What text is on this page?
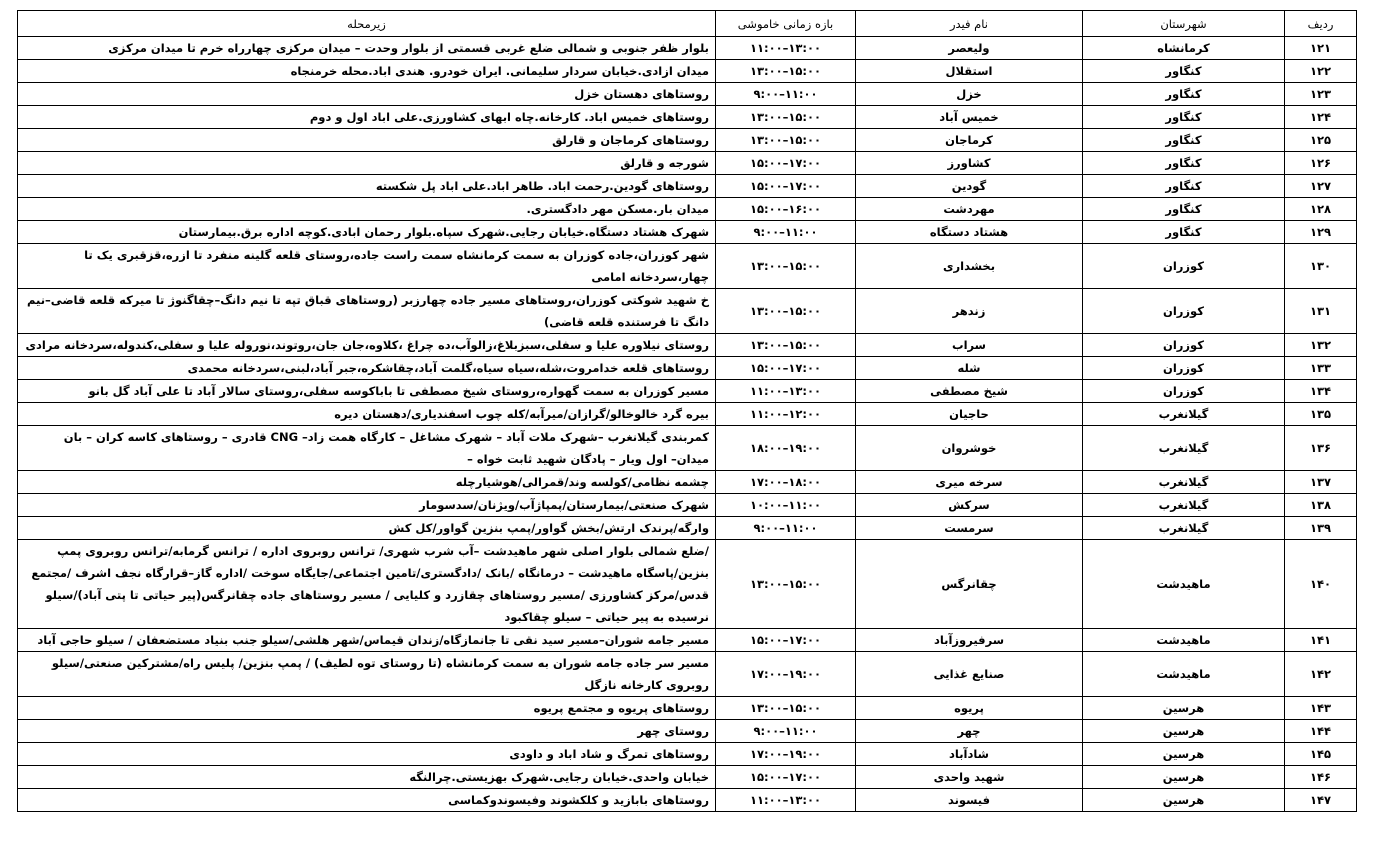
ردیف	شهرستان	نام فیدر	بازه زمانی خاموشی	زیرمحله
۱۲۱	کرمانشاه	ولیعصر	۱۱:۰۰–۱۳:۰۰	بلوار ظفر جنوبی و شمالی ضلع غربی قسمتی از بلوار وحدت – میدان مرکزی چهارراه خرم تا میدان مرکزی
۱۲۲	کنگاور	استقلال	۱۳:۰۰–۱۵:۰۰	میدان ازادی.خیابان سردار سلیمانی. ایران خودرو. هندی اباد.محله خرمنجاه
۱۲۳	کنگاور	خزل	۹:۰۰–۱۱:۰۰	روستاهای دهستان خزل
۱۲۴	کنگاور	خمیس آباد	۱۳:۰۰–۱۵:۰۰	روستاهای خمیس اباد. کارخانه.چاه ابهای کشاورزی.علی اباد اول و دوم
۱۲۵	کنگاور	کرماجان	۱۳:۰۰–۱۵:۰۰	روستاهای کرماجان و قارلق
۱۲۶	کنگاور	کشاورز	۱۵:۰۰–۱۷:۰۰	شورجه و قارلق
۱۲۷	کنگاور	گودین	۱۵:۰۰–۱۷:۰۰	روستاهای گودین.رحمت اباد. طاهر اباد.علی اباد پل شکسته
۱۲۸	کنگاور	مهردشت	۱۵:۰۰–۱۶:۰۰	میدان بار.مسکن مهر دادگستری.
۱۲۹	کنگاور	هشتاد دستگاه	۹:۰۰–۱۱:۰۰	شهرک هشتاد دستگاه.خیابان رجایی.شهرک سپاه.بلوار رحمان ابادی.کوچه اداره برق.بیمارستان
۱۳۰	کوزران	بخشداری	۱۳:۰۰–۱۵:۰۰	شهر کوزران،جاده کوزران به سمت کرمانشاه سمت راست جاده،روستای قلعه گلینه منفرد تا ازره،قزقبری یک تا چهار،سردخانه امامی
۱۳۱	کوزران	زندهر	۱۳:۰۰–۱۵:۰۰	خ شهید شوکتی کوزران،روستاهای مسیر جاده چهارزبر (روستاهای قباق تپه تا نیم دانگ–چقاگنوژ تا میرکه قلعه قاضی–نیم دانگ تا فرستنده قلعه قاضی)
۱۳۲	کوزران	سراب	۱۳:۰۰–۱۵:۰۰	روستای نیلاوره علیا و سفلی،سبزبلاغ،زالوآب،ده چراغ ،کلاوه،جان جان،روتوند،نوروله علیا و سفلی،کندوله،سردخانه مرادی
۱۳۳	کوزران	شله	۱۵:۰۰–۱۷:۰۰	روستاهای قلعه خدامروت،شله،سیاه سیاه،گلمت آباد،چقاشکره،جبر آباد،لبنی،سردخانه محمدی
۱۳۴	کوزران	شیخ مصطفی	۱۱:۰۰–۱۳:۰۰	مسیر کوزران به سمت گهواره،روستای شیخ مصطفی تا باباکوسه سفلی،روستای سالار آباد تا علی آباد گل بانو
۱۳۵	گیلانغرب	حاجیان	۱۱:۰۰–۱۲:۰۰	بیره گرد خالوخالو/گرازان/میرآبه/کله چوب اسفندیاری/دهستان دیره
۱۳۶	گیلانغرب	خوشروان	۱۸:۰۰–۱۹:۰۰	کمربندی گیلانغرب –شهرک ملات آباد – شهرک مشاغل – کارگاه همت زاد– CNG قادری – روستاهای کاسه کران – بان میدان– اول ویار – پادگان شهید ثابت خواه –
۱۳۷	گیلانغرب	سرخه میری	۱۷:۰۰–۱۸:۰۰	چشمه نظامی/کولسه وند/قمرالی/هوشیارچله
۱۳۸	گیلانغرب	سرکش	۱۰:۰۰–۱۱:۰۰	شهرک صنعتی/بیمارستان/پمپاژآب/ویژنان/سدسومار
۱۳۹	گیلانغرب	سرمست	۹:۰۰–۱۱:۰۰	وارگه/پرندک ارتش/بخش گواور/پمپ بنزین گواور/کل کش
۱۴۰	ماهیدشت	چقانرگس	۱۳:۰۰–۱۵:۰۰	/ضلع شمالی بلوار اصلی شهر ماهیدشت –آب شرب شهری/ ترانس روبروی اداره / ترانس گرمابه/ترانس روبروی پمپ بنزین/پاسگاه ماهیدشت – درمانگاه /بانک /دادگستری/تامین اجتماعی/جایگاه سوخت /اداره گاز–قرارگاه نجف اشرف /مجتمع قدس/مرکز کشاورزی /مسیر روستاهای چقازرد و کلیایی / مسیر روستاهای جاده چقانرگس(پیر حیاتی تا پتی آباد)/سیلو نرسیده به پیر حیاتی – سیلو چقاکبود
۱۴۱	ماهیدشت	سرفیروزآباد	۱۵:۰۰–۱۷:۰۰	مسیر جامه شوران–مسیر سید نقی تا جانمازگاه/زندان قیماس/شهر هلشی/سیلو جنب بنیاد مستضعفان / سیلو حاجی آباد
۱۴۲	ماهیدشت	صنایع غذایی	۱۷:۰۰–۱۹:۰۰	مسیر سر جاده جامه شوران به سمت کرمانشاه (تا روستای توه لطیف) / پمپ بنزین/ پلیس راه/مشترکین صنعتی/سیلو روبروی کارخانه نازگل
۱۴۳	هرسین	پریوه	۱۳:۰۰–۱۵:۰۰	روستاهای پریوه و مجتمع پریوه
۱۴۴	هرسین	چهر	۹:۰۰–۱۱:۰۰	روستای چهر
۱۴۵	هرسین	شادآباد	۱۷:۰۰–۱۹:۰۰	روستاهای تمرگ و شاد اباد و داودی
۱۴۶	هرسین	شهید واحدی	۱۵:۰۰–۱۷:۰۰	خیابان واحدی.خیابان رجایی.شهرک بهزیستی.چرالنگه
۱۴۷	هرسین	فیسوند	۱۱:۰۰–۱۳:۰۰	روستاهای بابازید و کلکشوند وفیسوندوکماسی
